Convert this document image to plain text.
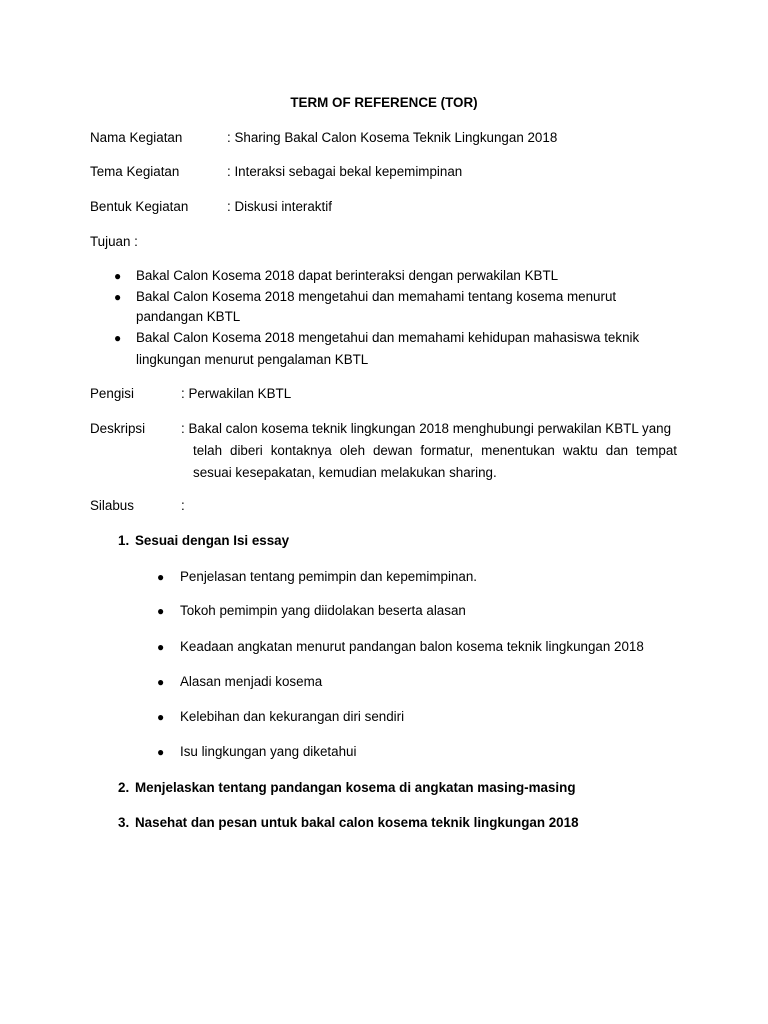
TERM OF REFERENCE (TOR)
Nama Kegiatan	: Sharing Bakal Calon Kosema Teknik Lingkungan 2018
Tema Kegiatan	: Interaksi sebagai bekal kepemimpinan
Bentuk Kegiatan	: Diskusi interaktif
Tujuan :
● Bakal Calon Kosema 2018 dapat berinteraksi dengan perwakilan KBTL
● Bakal Calon Kosema 2018 mengetahui dan memahami tentang kosema menurut
pandangan KBTL
● Bakal Calon Kosema 2018 mengetahui dan memahami kehidupan mahasiswa teknik
lingkungan menurut pengalaman KBTL
Pengisi	: Perwakilan KBTL
Deskripsi	: Bakal calon kosema teknik lingkungan 2018 menghubungi perwakilan KBTL yang
telah diberi kontaknya oleh dewan formatur, menentukan waktu dan tempat
sesuai kesepakatan, kemudian melakukan sharing.
Silabus	:
1. Sesuai dengan Isi essay
● Penjelasan tentang pemimpin dan kepemimpinan.
● Tokoh pemimpin yang diidolakan beserta alasan
● Keadaan angkatan menurut pandangan balon kosema teknik lingkungan 2018
● Alasan menjadi kosema
● Kelebihan dan kekurangan diri sendiri
● Isu lingkungan yang diketahui
2. Menjelaskan tentang pandangan kosema di angkatan masing-masing
3. Nasehat dan pesan untuk bakal calon kosema teknik lingkungan 2018
